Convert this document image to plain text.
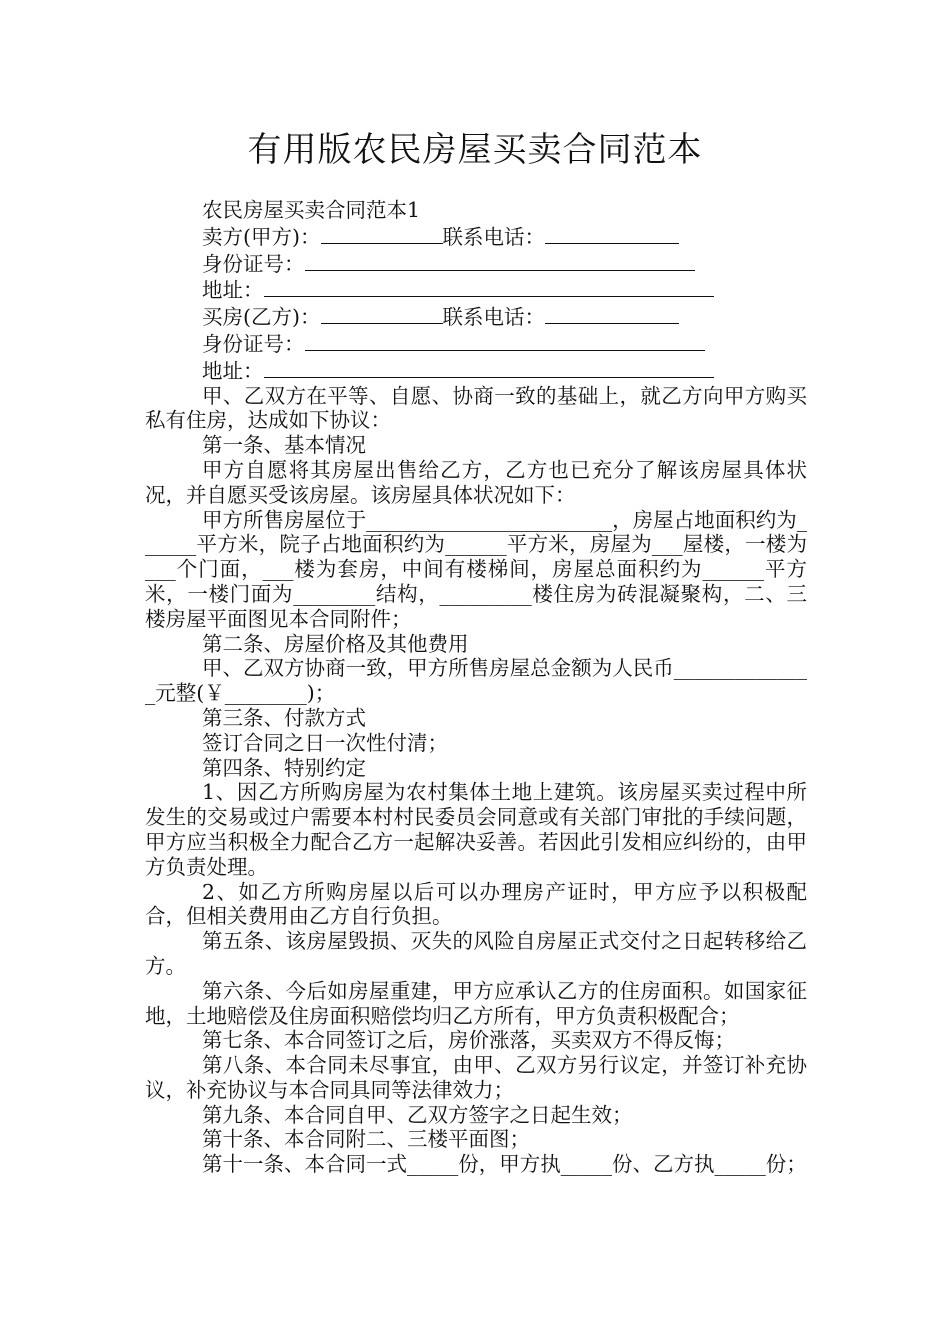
有用版农民房屋买卖合同范本

农民房屋买卖合同范本1

卖方(甲方)：	联系电话：

身份证号：

地址：

买房(乙方)：	联系电话：

身份证号：

地址：

甲、乙双方在平等、自愿、协商一致的基础上，就乙方向甲方购买私有住房，达成如下协议：

第一条、基本情况

甲方自愿将其房屋出售给乙方，乙方也已充分了解该房屋具体状况，并自愿买受该房屋。该房屋具体状况如下：

甲方所售房屋位于________________________，房屋占地面积约为______平方米，院子占地面积约为______平方米，房屋为___屋楼，一楼为___个门面，___楼为套房，中间有楼梯间，房屋总面积约为______平方米，一楼门面为________结构，_________楼住房为砖混凝聚构，二、三楼房屋平面图见本合同附件；

第二条、房屋价格及其他费用

甲、乙双方协商一致，甲方所售房屋总金额为人民币______________元整(￥________)；

第三条、付款方式

签订合同之日一次性付清；

第四条、特别约定

1、因乙方所购房屋为农村集体土地上建筑。该房屋买卖过程中所发生的交易或过户需要本村村民委员会同意或有关部门审批的手续问题，甲方应当积极全力配合乙方一起解决妥善。若因此引发相应纠纷的，由甲方负责处理。

2、如乙方所购房屋以后可以办理房产证时，甲方应予以积极配合，但相关费用由乙方自行负担。

第五条、该房屋毁损、灭失的风险自房屋正式交付之日起转移给乙方。

第六条、今后如房屋重建，甲方应承认乙方的住房面积。如国家征地，土地赔偿及住房面积赔偿均归乙方所有，甲方负责积极配合；

第七条、本合同签订之后，房价涨落，买卖双方不得反悔；

第八条、本合同未尽事宜，由甲、乙双方另行议定，并签订补充协议，补充协议与本合同具同等法律效力；

第九条、本合同自甲、乙双方签字之日起生效；

第十条、本合同附二、三楼平面图；

第十一条、本合同一式_____份，甲方执_____份、乙方执_____份；
